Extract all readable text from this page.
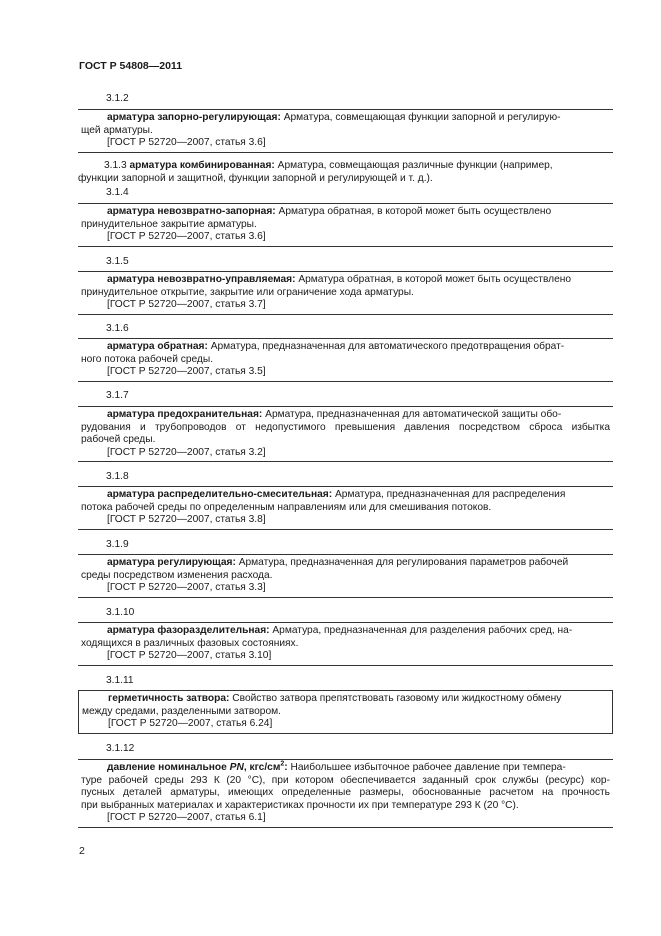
ГОСТ Р 54808—2011
3.1.2

арматура запорно-регулирующая: Арматура, совмещающая функции запорной и регулирую-

щей арматуры.
[ГОСТ Р 52720—2007, статья 3.6]

3.1.3 арматура комбинированная: Арматура, совмещающая различные функции (например,

функции запорной и защитной, функции запорной и регулирующей и т. д.).
3.1.4

арматура невозвратно-запорная: Арматура обратная, в которой может быть осуществлено

принудительное закрытие арматуры.
[ГОСТ Р 52720—2007, статья 3.6]
3.1.5

арматура невозвратно-управляемая: Арматура обратная, в которой может быть осуществлено

принудительное открытие, закрытие или ограничение хода арматуры.
[ГОСТ Р 52720—2007, статья 3.7]
3.1.6

арматура обратная: Арматура, предназначенная для автоматического предотвращения обрат-

ного потока рабочей среды.
[ГОСТ Р 52720—2007, статья 3.5]
3.1.7

арматура предохранительная: Арматура, предназначенная для автоматической защиты обо-

рудования и трубопроводов от недопустимого превышения давления посредством сброса избытка
рабочей среды.
[ГОСТ Р 52720—2007, статья 3.2]
3.1.8

арматура распределительно-смесительная: Арматура, предназначенная для распределения

потока рабочей среды по определенным направлениям или для смешивания потоков.
[ГОСТ Р 52720—2007, статья 3.8]
3.1.9

арматура регулирующая: Арматура, предназначенная для регулирования параметров рабочей

среды посредством изменения расхода.
[ГОСТ Р 52720—2007, статья 3.3]
3.1.10

арматура фазоразделительная: Арматура, предназначенная для разделения рабочих сред, на-

ходящихся в различных фазовых состояниях.
[ГОСТ Р 52720—2007, статья 3.10]
3.1.11

герметичность затвора: Свойство затвора препятствовать газовому или жидкостному обмену

между средами, разделенными затвором.
[ГОСТ Р 52720—2007, статья 6.24]
3.1.12

давление номинальное PN, кгс/$см^2$: Наибольшее избыточное рабочее давление при темпера-

туре рабочей среды 293 К (20 °С), при котором обеспечивается заданный срок службы (ресурс) кор-
пусных деталей арматуры, имеющих определенные размеры, обоснованные расчетом на прочность
при выбранных материалах и характеристиках прочности их при температуре 293 К (20 °С).
[ГОСТ Р 52720—2007, статья 6.1]
2
